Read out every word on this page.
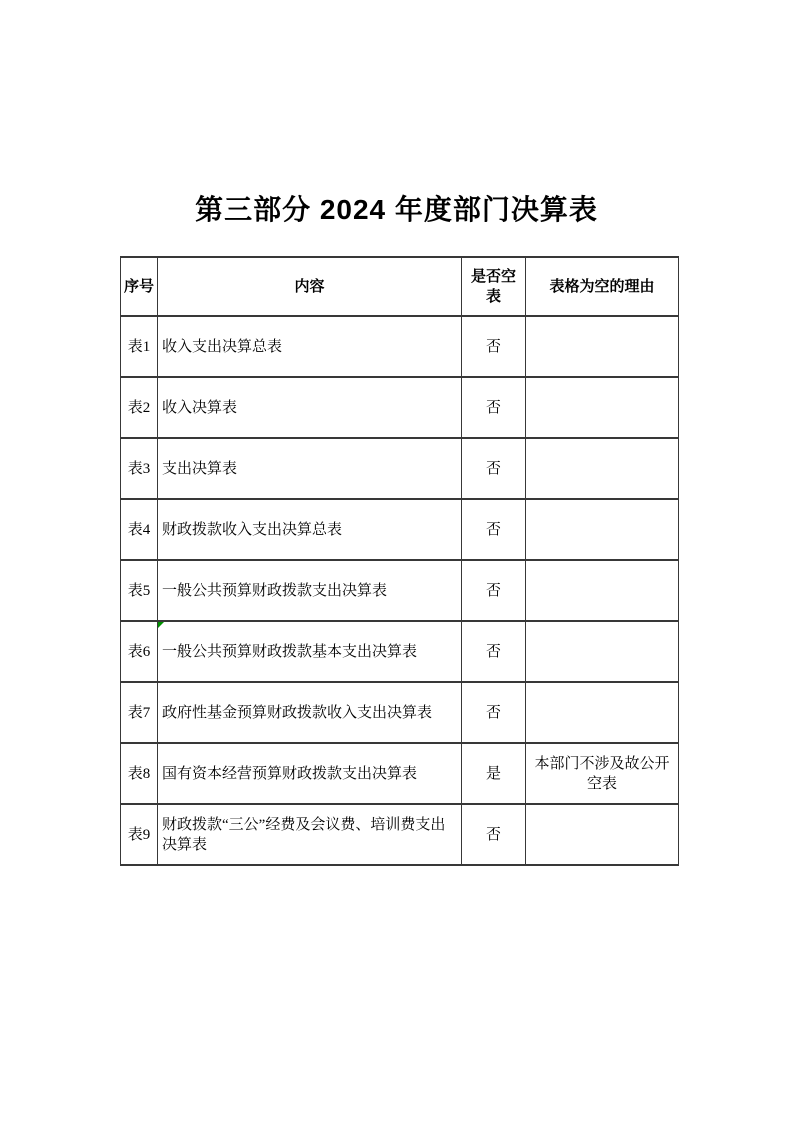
第三部分 2024 年度部门决算表
序号	内容	是否空表	表格为空的理由
表1	收入支出决算总表	否	
表2	收入决算表	否	
表3	支出决算表	否	
表4	财政拨款收入支出决算总表	否	
表5	一般公共预算财政拨款支出决算表	否	
表6	一般公共预算财政拨款基本支出决算表	否	
表7	政府性基金预算财政拨款收入支出决算表	否	
表8	国有资本经营预算财政拨款支出决算表	是	本部门不涉及故公开空表
表9	财政拨款“三公”经费及会议费、培训费支出决算表	否	
